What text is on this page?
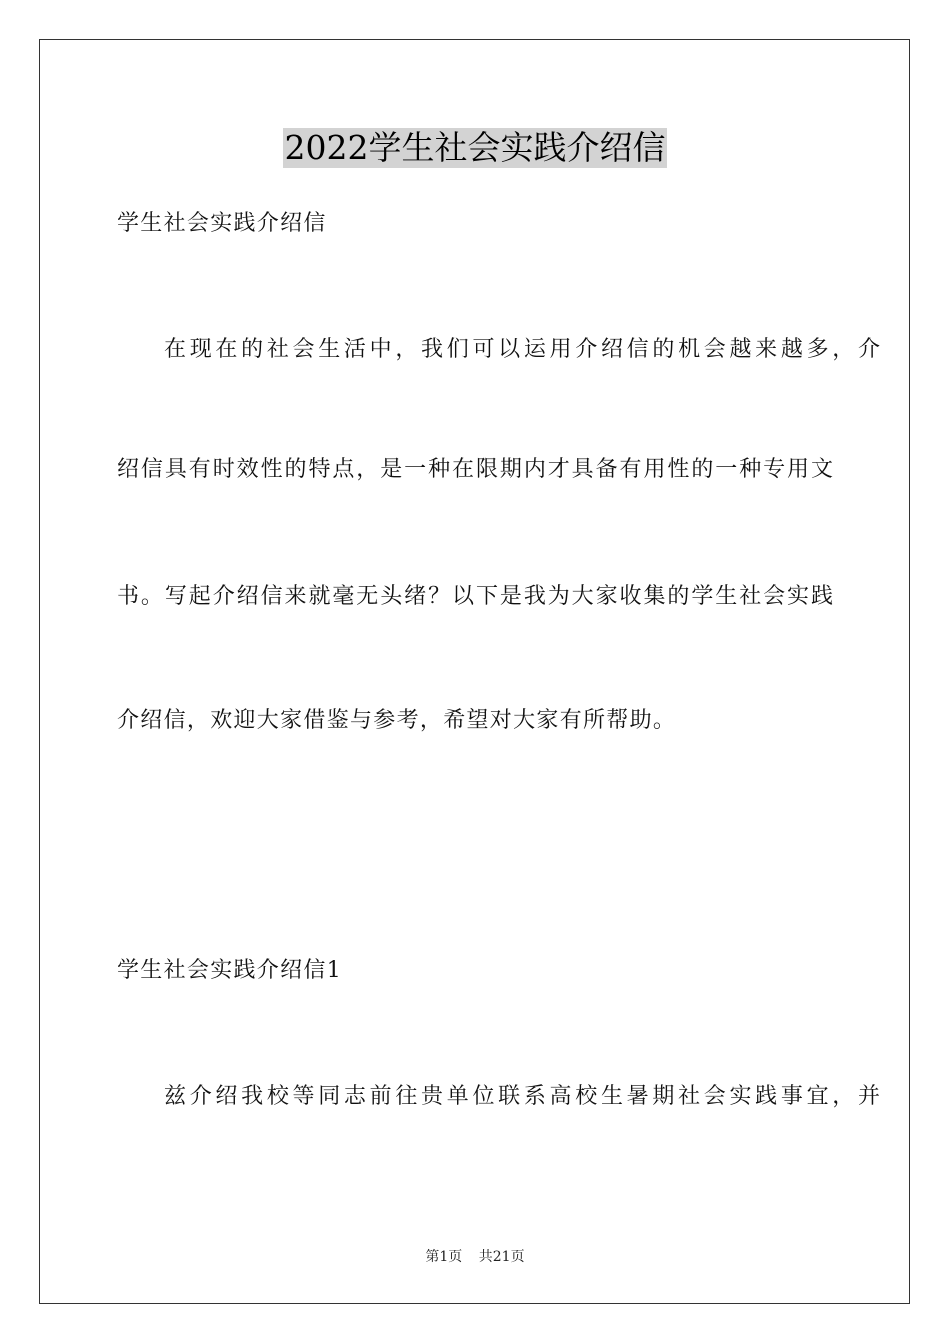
2022学生社会实践介绍信
学生社会实践介绍信
在现在的社会生活中，我们可以运用介绍信的机会越来越多，介
绍信具有时效性的特点，是一种在限期内才具备有用性的一种专用文
书。写起介绍信来就毫无头绪？以下是我为大家收集的学生社会实践
介绍信，欢迎大家借鉴与参考，希望对大家有所帮助。
学生社会实践介绍信1
兹介绍我校等同志前往贵单位联系高校生暑期社会实践事宜，并
第1页 共21页
